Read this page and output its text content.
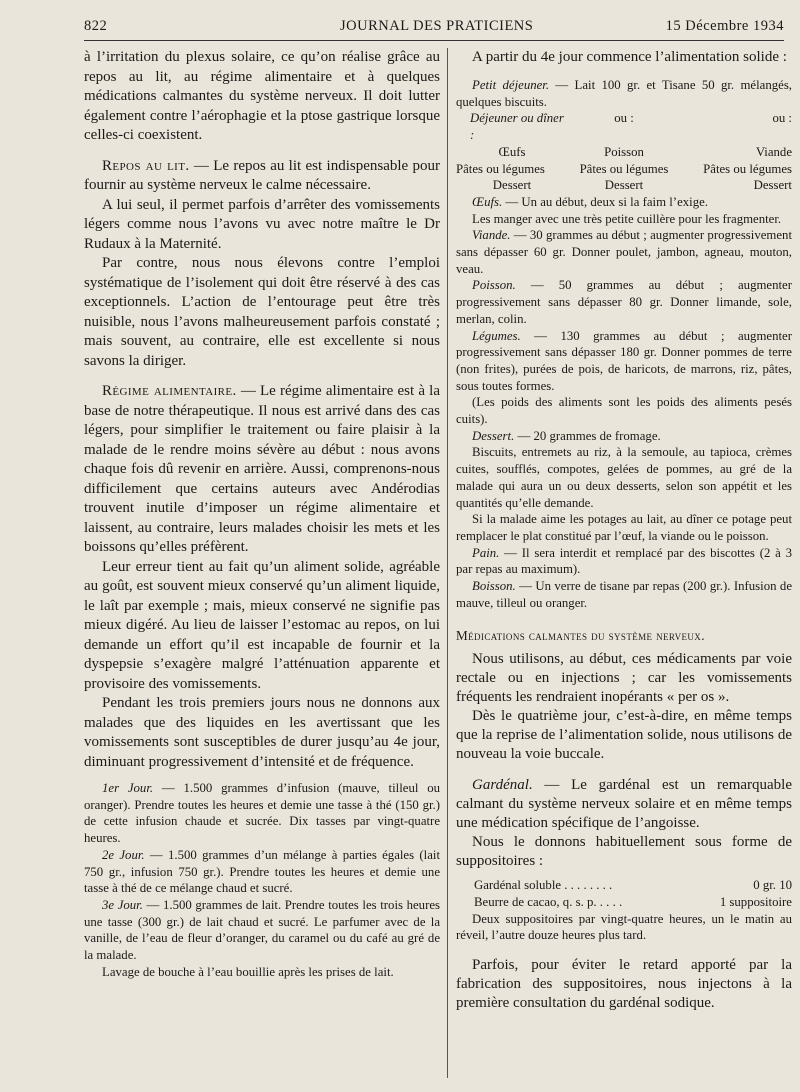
822	JOURNAL DES PRATICIENS	15 Décembre 1934

à l’irritation du plexus solaire, ce qu’on réalise grâce au repos au lit, au régime alimentaire et à quelques médications calmantes du système nerveux. Il doit lutter également contre l’aérophagie et la ptose gastrique lorsque celles-ci coexistent.

Repos au lit. — Le repos au lit est indispensable pour fournir au système nerveux le calme nécessaire.

A lui seul, il permet parfois d’arrêter des vomissements légers comme nous l’avons vu avec notre maître le Dr Rudaux à la Maternité.

Par contre, nous nous élevons contre l’emploi systématique de l’isolement qui doit être réservé à des cas exceptionnels. L’action de l’entourage peut être très nuisible, nous l’avons malheureusement parfois constaté ; mais souvent, au contraire, elle est excellente si nous savons la diriger.

Régime alimentaire. — Le régime alimentaire est à la base de notre thérapeutique. Il nous est arrivé dans des cas légers, pour simplifier le traitement ou faire plaisir à la malade de le rendre moins sévère au début : nous avons chaque fois dû revenir en arrière. Aussi, comprenons-nous difficilement que certains auteurs avec Andérodias trouvent inutile d’imposer un régime alimentaire et laissent, au contraire, leurs malades choisir les mets et les boissons qu’elles préfèrent.

Leur erreur tient au fait qu’un aliment solide, agréable au goût, est souvent mieux conservé qu’un aliment liquide, le laît par exemple ; mais, mieux conservé ne signifie pas mieux digéré. Au lieu de laisser l’estomac au repos, on lui demande un effort qu’il est incapable de fournir et la dyspepsie s’exagère malgré l’atténuation apparente et provisoire des vomissements.

Pendant les trois premiers jours nous ne donnons aux malades que des liquides en les avertissant que les vomissements sont susceptibles de durer jusqu’au 4e jour, diminuant progressivement d’intensité et de fréquence.

1er Jour. — 1.500 grammes d’infusion (mauve, tilleul ou oranger). Prendre toutes les heures et demie une tasse à thé (150 gr.) de cette infusion chaude et sucrée. Dix tasses par vingt-quatre heures.

2e Jour. — 1.500 grammes d’un mélange à parties égales (lait 750 gr., infusion 750 gr.). Prendre toutes les heures et demie une tasse à thé de ce mélange chaud et sucré.

3e Jour. — 1.500 grammes de lait. Prendre toutes les trois heures une tasse (300 gr.) de lait chaud et sucré. Le parfumer avec de la vanille, de l’eau de fleur d’oranger, du caramel ou du café au gré de la malade.

Lavage de bouche à l’eau bouillie après les prises de lait.

A partir du 4e jour commence l’alimentation solide :

Petit déjeuner. — Lait 100 gr. et Tisane 50 gr. mélangés, quelques biscuits.

Déjeuner ou dîner :
ou :	ou :
Œufs	Poisson	Viande
Pâtes ou légumes	Pâtes ou légumes	Pâtes ou légumes
Dessert	Dessert	Dessert

Œufs. — Un au début, deux si la faim l’exige.

Les manger avec une très petite cuillère pour les fragmenter.

Viande. — 30 grammes au début ; augmenter progressivement sans dépasser 60 gr. Donner poulet, jambon, agneau, mouton, veau.

Poisson. — 50 grammes au début ; augmenter progressivement sans dépasser 80 gr. Donner limande, sole, merlan, colin.

Légumes. — 130 grammes au début ; augmenter progressivement sans dépasser 180 gr. Donner pommes de terre (non frites), purées de pois, de haricots, de marrons, riz, pâtes, sous toutes formes.

(Les poids des aliments sont les poids des aliments pesés cuits).

Dessert. — 20 grammes de fromage.

Biscuits, entremets au riz, à la semoule, au tapioca, crèmes cuites, soufflés, compotes, gelées de pommes, au gré de la malade qui aura un ou deux desserts, selon son appétit et les quantités qu’elle demande.

Si la malade aime les potages au lait, au dîner ce potage peut remplacer le plat constitué par l’œuf, la viande ou le poisson.

Pain. — Il sera interdit et remplacé par des biscottes (2 à 3 par repas au maximum).

Boisson. — Un verre de tisane par repas (200 gr.). Infusion de mauve, tilleul ou oranger.

Médications calmantes du système nerveux.

Nous utilisons, au début, ces médicaments par voie rectale ou en injections ; car les vomissements fréquents les rendraient inopérants « per os ».

Dès le quatrième jour, c’est-à-dire, en même temps que la reprise de l’alimentation solide, nous utilisons de nouveau la voie buccale.

Gardénal. — Le gardénal est un remarquable calmant du système nerveux solaire et en même temps une médication spécifique de l’angoisse.

Nous le donnons habituellement sous forme de suppositoires :

Gardénal soluble . . . . . . . .	0 gr. 10
Beurre de cacao, q. s. p. . . . .	1 suppositoire

Deux suppositoires par vingt-quatre heures, un le matin au réveil, l’autre douze heures plus tard.

Parfois, pour éviter le retard apporté par la fabrication des suppositoires, nous injectons à la première consultation du gardénal sodique.
